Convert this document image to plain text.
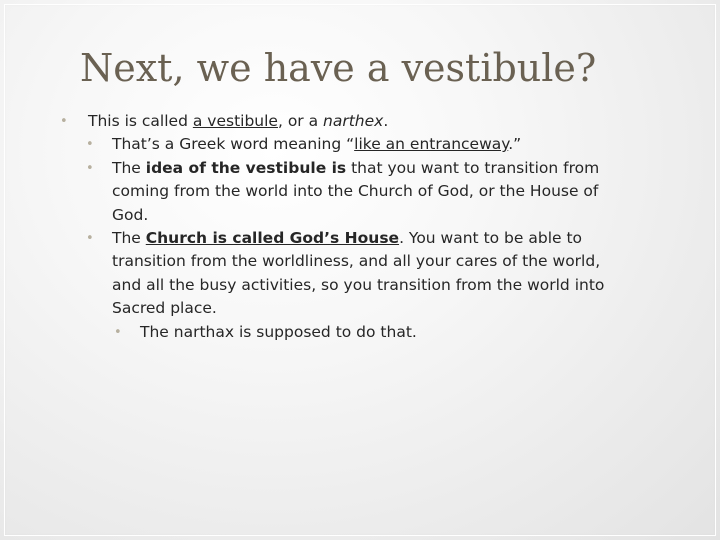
Next, we have a vestibule?
• This is called a vestibule, or a narthex.
• That’s a Greek word meaning “like an entranceway.”
• The idea of the vestibule is that you want to transition from coming from the world into the Church of God, or the House of God.
• The Church is called God’s House. You want to be able to transition from the worldliness, and all your cares of the world, and all the busy activities, so you transition from the world into Sacred place.
• The narthax is supposed to do that.
